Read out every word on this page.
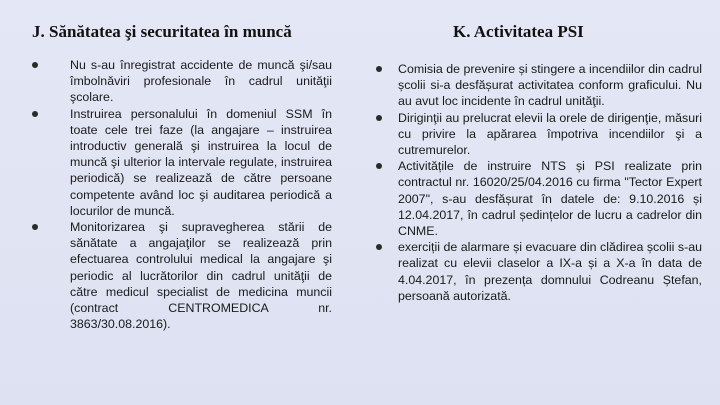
J. Sănătatea şi securitatea în muncă
Nu s-au înregistrat accidente de muncă şi/sau îmbolnăviri profesionale în cadrul unităţii şcolare.
Instruirea personalului în domeniul SSM în toate cele trei faze (la angajare – instruirea introductiv generală şi instruirea la locul de muncă şi ulterior la intervale regulate, instruirea periodică) se realizează de către persoane competente având loc şi auditarea periodică a locurilor de muncă.
Monitorizarea şi supravegherea stării de sănătate a angajaţilor se realizează prin efectuarea controlului medical la angajare şi periodic al lucrătorilor din cadrul unităţii de către medicul specialist de medicina muncii (contract CENTROMEDICA nr. 3863/30.08.2016).
K. Activitatea PSI
Comisia de prevenire și stingere a incendiilor din cadrul școlii si-a desfășurat activitatea conform graficului. Nu au avut loc incidente în cadrul unităţii.
Diriginţii au prelucrat elevii la orele de dirigenţie, măsuri cu privire la apărarea împotriva incendiilor şi a cutremurelor.
Activitățile de instruire NTS și PSI realizate prin contractul nr. 16020/25/04.2016 cu firma "Tector Expert 2007", s-au desfășurat în datele de: 9.10.2016 și 12.04.2017, în cadrul ședințelor de lucru a cadrelor din CNME.
exerciții de alarmare și evacuare din clădirea școlii s-au realizat cu elevii claselor a IX-a și a X-a în data de 4.04.2017, în prezența domnului Codreanu Ștefan, persoană autorizată.
